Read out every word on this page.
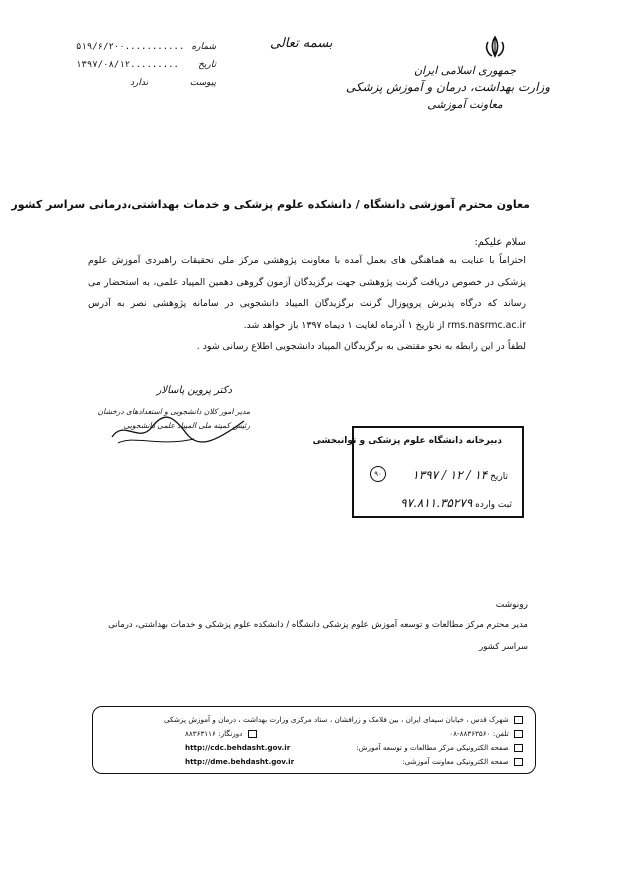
جمهوری اسلامی ایران
وزارت بهداشت، درمان و آموزش پزشکی
معاونت آموزشی
بسمه تعالی
۵۱۹/۶/۲۰۰........... شماره
۱۳۹۷/۰۸/۱۲......... تاریخ
ندارد	پیوست
معاون محترم آموزشی دانشگاه / دانشکده علوم پزشکی و خدمات بهداشتی،درمانی سراسر کشور
سلام علیکم:

احتراماً با عنایت به هماهنگی های بعمل آمده با معاونت پژوهشی مرکز ملی تحقیقات راهبردی آموزش علوم پزشکی در خصوص دریافت گرنت پژوهشی جهت برگزیدگان آزمون گروهی دهمین المپیاد علمی، به استحضار می رساند که درگاه پذیرش پروپوزال گرنت برگزیدگان المپیاد دانشجویی در سامانه پژوهشی نصر به آدرس rms.nasrmc.ac.ir از تاریخ ۱ آذرماه لغایت ۱ دیماه ۱۳۹۷ باز خواهد شد.

لطفاً در این رابطه به نحو مقتضی به برگزیدگان المپیاد دانشجویی اطلاع رسانی شود .

دکتر پروین پاسالار
مدیر امور کلان دانشجویی و استعدادهای درخشان
رئیس کمیته ملی المپیاد علمی دانشجویی
دبیرخانه دانشگاه علوم پزشکی و توانبخشی
تاریخ ۱۴ / ۱۲ / ۱۳۹۷
۹۰
ثبت وارده ۹۷.۸۱۱.۳۵۲۷۹
رونوشت
مدیر محترم مرکز مطالعات و توسعه آموزش علوم پزشکی دانشگاه / دانشکده علوم پزشکی و خدمات بهداشتی، درمانی سراسر کشور
شهرک قدس ، خیابان سیمای ایران ، بین فلامک و زرافشان ، ستاد مرکزی وزارت بهداشت ، درمان و آموزش پزشکی
تلفن: ۸۸۳۶۳۵۶۰-۰۸
دورنگار: ۸۸۳۶۳۱۱۶
صفحه الکترونیکی مرکز مطالعات و توسعه آموزش:
http://cdc.behdasht.gov.ir
صفحه الکترونیکی معاونت آموزشی:
http://dme.behdasht.gov.ir
